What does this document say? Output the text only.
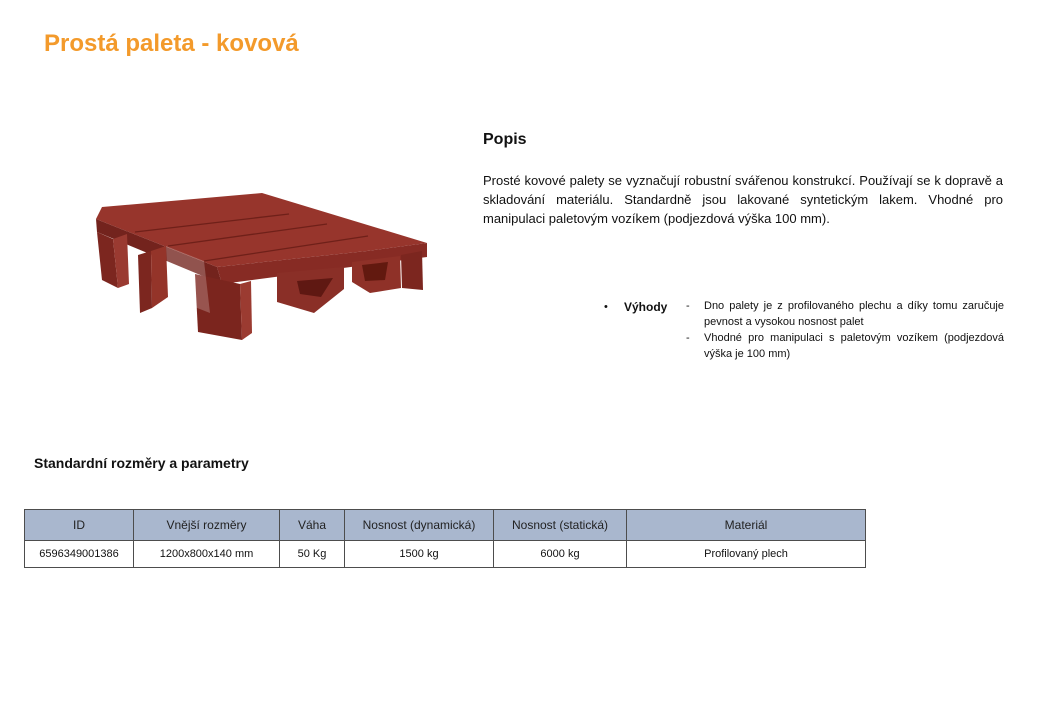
Prostá paleta - kovová
Popis
Prosté kovové palety se vyznačují robustní svářenou konstrukcí. Používají se k dopravě a skladování materiálu. Standardně jsou lakované syntetickým lakem. Vhodné pro manipulaci paletovým vozíkem (podjezdová výška 100 mm).
• Výhody - Dno palety je z profilovaného plechu a díky tomu zaručuje pevnost a vysokou nosnost palet
- Vhodné pro manipulaci s paletovým vozíkem (podjezdová výška je 100 mm)
Standardní rozměry a parametry
ID	Vnější rozměry	Váha	Nosnost (dynamická)	Nosnost (statická)	Materiál
6596349001386	1200x800x140 mm	50 Kg	1500 kg	6000 kg	Profilovaný plech
